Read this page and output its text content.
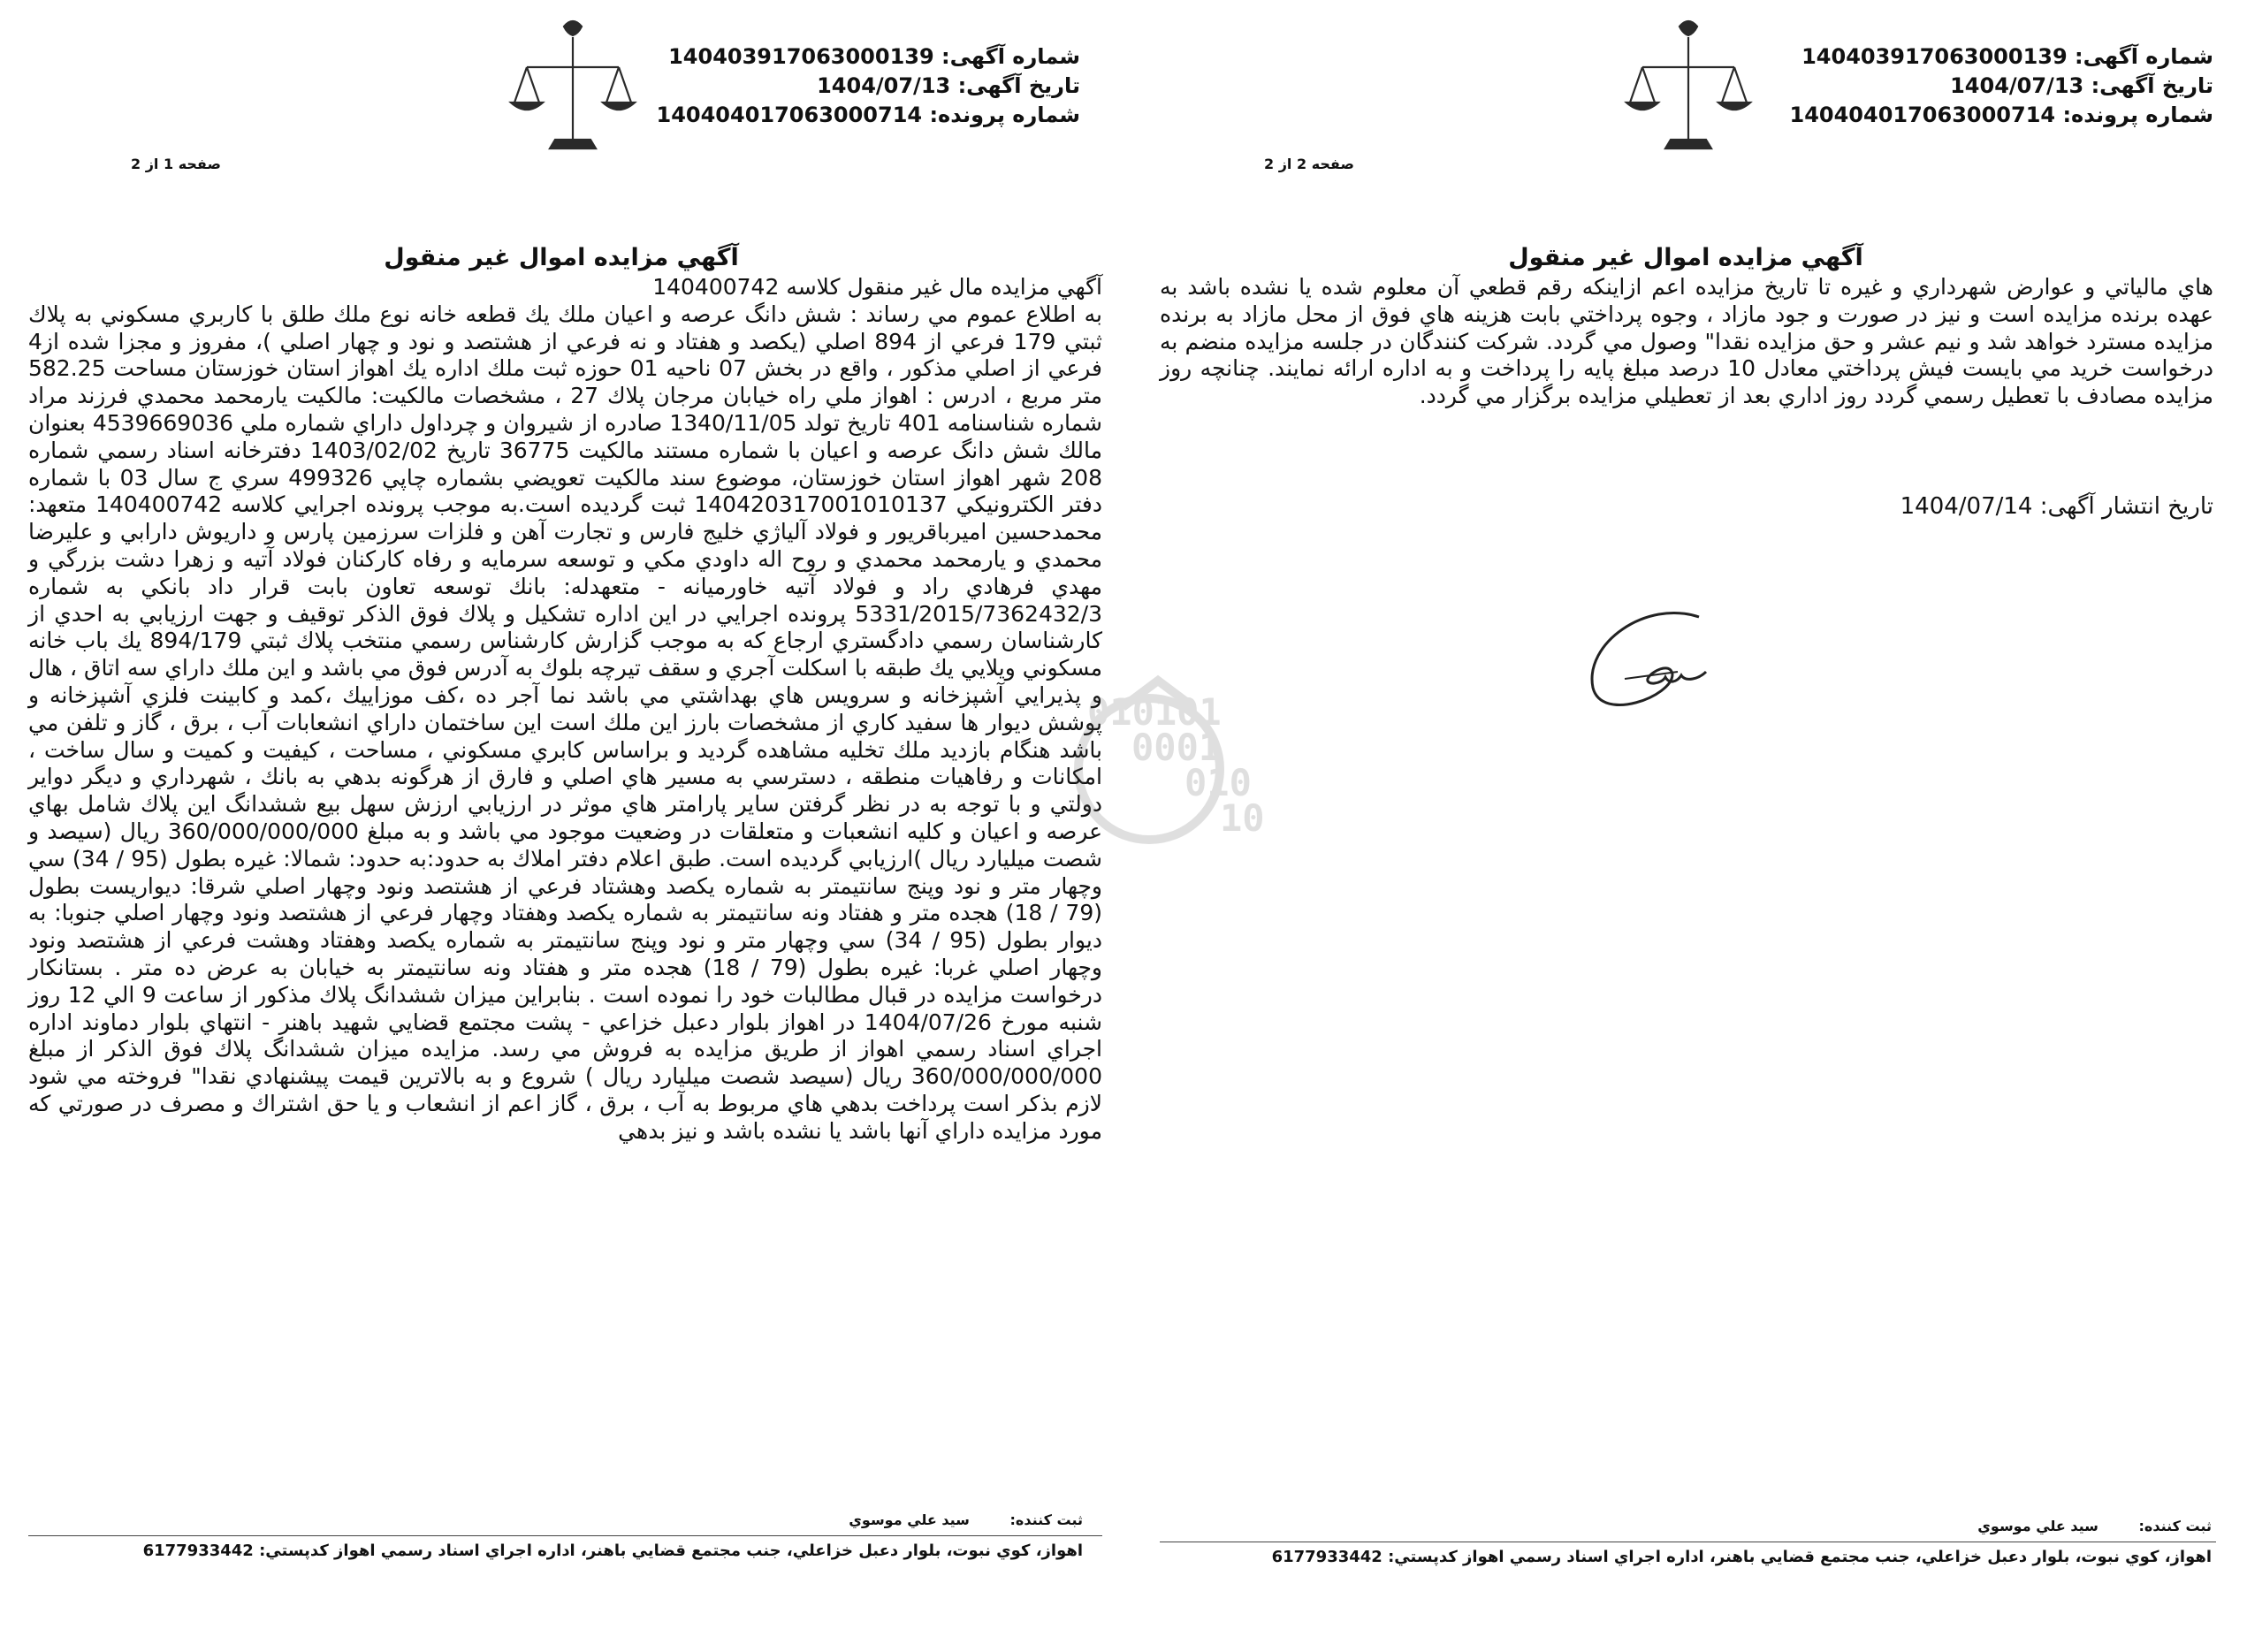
شماره آگهی: 140403917063000139
تاريخ آگهی: 1404/07/13
شماره پرونده: 140404017063000714
صفحه 1 از 2
آگهي مزايده اموال غير منقول

آگهي مزايده مال غير منقول كلاسه 140400742

به اطلاع عموم مي رساند : شش دانگ عرصه و اعيان ملك يك قطعه خانه نوع ملك طلق با كاربري مسكوني به پلاك ثبتي 179 فرعي از 894 اصلي (يكصد و هفتاد و نه فرعي از هشتصد و نود و چهار اصلي )، مفروز و مجزا شده از4 فرعي از اصلي مذكور ، واقع در بخش 07 ناحيه 01 حوزه ثبت ملك اداره يك اهواز استان خوزستان مساحت 582.25 متر مربع ، ادرس : اهواز ملي راه خيابان مرجان پلاك 27 ، مشخصات مالكيت: مالكيت يارمحمد محمدي فرزند مراد شماره شناسنامه 401 تاريخ تولد 1340/11/05 صادره از شيروان و چرداول داراي شماره ملي 4539669036 بعنوان مالك شش دانگ عرصه و اعيان با شماره مستند مالكيت 36775 تاريخ 1403/02/02 دفترخانه اسناد رسمي شماره 208 شهر اهواز استان خوزستان، موضوع سند مالكيت تعويضي بشماره چاپي 499326 سري ج سال 03 با شماره دفتر الكترونيكي 140420317001010137 ثبت گرديده است.به موجب پرونده اجرايي كلاسه 140400742 متعهد: محمدحسين اميرباقريور و فولاد آلياژي خليج فارس و تجارت آهن و فلزات سرزمين پارس و داريوش دارابي و عليرضا محمدي و يارمحمد محمدي و روح اله داودي مكي و توسعه سرمايه و رفاه كاركنان فولاد آتيه و زهرا دشت بزرگي و مهدي فرهادي راد و فولاد آتيه خاورميانه - متعهدله: بانك توسعه تعاون بابت قرار داد بانكي به شماره 5331/2015/7362432/3 پرونده اجرايي در اين اداره تشكيل و پلاك فوق الذكر توقيف و جهت ارزيابي به احدي از كارشناسان رسمي دادگستري ارجاع كه به موجب گزارش كارشناس رسمي منتخب پلاك ثبتي 894/179 يك باب خانه مسكوني ويلايي يك طبقه با اسكلت آجري و سقف تيرچه بلوك به آدرس فوق مي باشد و اين ملك داراي سه اتاق ، هال و پذيرايي آشپزخانه و سرويس هاي بهداشتي مي باشد نما آجر ده ،كف موزاييك ،كمد و كابينت فلزي آشپزخانه و پوشش ديوار ها سفيد كاري از مشخصات بارز اين ملك است اين ساختمان داراي انشعابات آب ، برق ، گاز و تلفن مي باشد هنگام بازديد ملك تخليه مشاهده گرديد و براساس كابري مسكوني ، مساحت ، كيفيت و كميت و سال ساخت ، امكانات و رفاهيات منطقه ، دسترسي به مسير هاي اصلي و فارق از هرگونه بدهي به بانك ، شهرداري و ديگر دواير دولتي و با توجه به در نظر گرفتن ساير پارامتر هاي موثر در ارزيابي ارزش سهل بيع ششدانگ اين پلاك شامل بهاي عرصه و اعيان و كليه انشعبات و متعلقات در وضعيت موجود مي باشد و به مبلغ 360/000/000/000 ريال (سيصد و شصت ميليارد ريال )ارزيابي گرديده است. طبق اعلام دفتر املاك به حدود:به حدود: شمالا: غيره بطول (95 / 34) سي وچهار متر و نود وپنج سانتيمتر به شماره يكصد وهشتاد فرعي از هشتصد ونود وچهار اصلي شرقا: ديواريست بطول (79 / 18) هجده متر و هفتاد ونه سانتيمتر به شماره يكصد وهفتاد وچهار فرعي از هشتصد ونود وچهار اصلي جنوبا: به ديوار بطول (95 / 34) سي وچهار متر و نود وپنج سانتيمتر به شماره يكصد وهفتاد وهشت فرعي از هشتصد ونود وچهار اصلي غربا: غيره بطول (79 / 18) هجده متر و هفتاد ونه سانتيمتر به خيابان به عرض ده متر . بستانكار درخواست مزايده در قبال مطالبات خود را نموده است . بنابراين ميزان ششدانگ پلاك مذكور از ساعت 9 الي 12 روز شنبه مورخ 1404/07/26 در اهواز بلوار دعبل خزاعي - پشت مجتمع قضايي شهيد باهنر - انتهاي بلوار دماوند اداره اجراي اسناد رسمي اهواز از طريق مزايده به فروش مي رسد. مزايده ميزان ششدانگ پلاك فوق الذكر از مبلغ 360/000/000/000 ريال (سيصد شصت ميليارد ريال ) شروع و به بالاترين قيمت پيشنهادي نقدا" فروخته مي شود لازم بذكر است پرداخت بدهي هاي مربوط به آب ، برق ، گاز اعم از انشعاب و يا حق اشتراك و مصرف در صورتي كه مورد مزايده داراي آنها باشد يا نشده باشد و نيز بدهي

ثبت كننده: سيد علي موسوي
اهواز، كوي نبوت، بلوار دعبل خزاعلي، جنب مجتمع قضايي باهنر، اداره اجراي اسناد رسمي اهواز كدپستي: 6177933442
شماره آگهی: 140403917063000139
تاريخ آگهی: 1404/07/13
شماره پرونده: 140404017063000714
صفحه 2 از 2
آگهي مزايده اموال غير منقول

هاي مالياتي و عوارض شهرداري و غيره تا تاريخ مزايده اعم ازاينكه رقم قطعي آن معلوم شده يا نشده باشد به عهده برنده مزايده است و نيز در صورت و جود مازاد ، وجوه پرداختي بابت هزينه هاي فوق از محل مازاد به برنده مزايده مسترد خواهد شد و نيم عشر و حق مزايده نقدا" وصول مي گردد. شركت كنندگان در جلسه مزايده منضم به درخواست خريد مي بايست فيش پرداختي معادل 10 درصد مبلغ پايه را پرداخت و به اداره ارائه نمايند. چنانچه روز مزايده مصادف با تعطيل رسمي گردد روز اداري بعد از تعطيلي مزايده برگزار مي گردد.

تاريخ انتشار آگهی: 1404/07/14
ثبت كننده: سيد علي موسوي
اهواز، كوي نبوت، بلوار دعبل خزاعلي، جنب مجتمع قضايي باهنر، اداره اجراي اسناد رسمي اهواز كدپستي: 6177933442
010101
0001
010
10
